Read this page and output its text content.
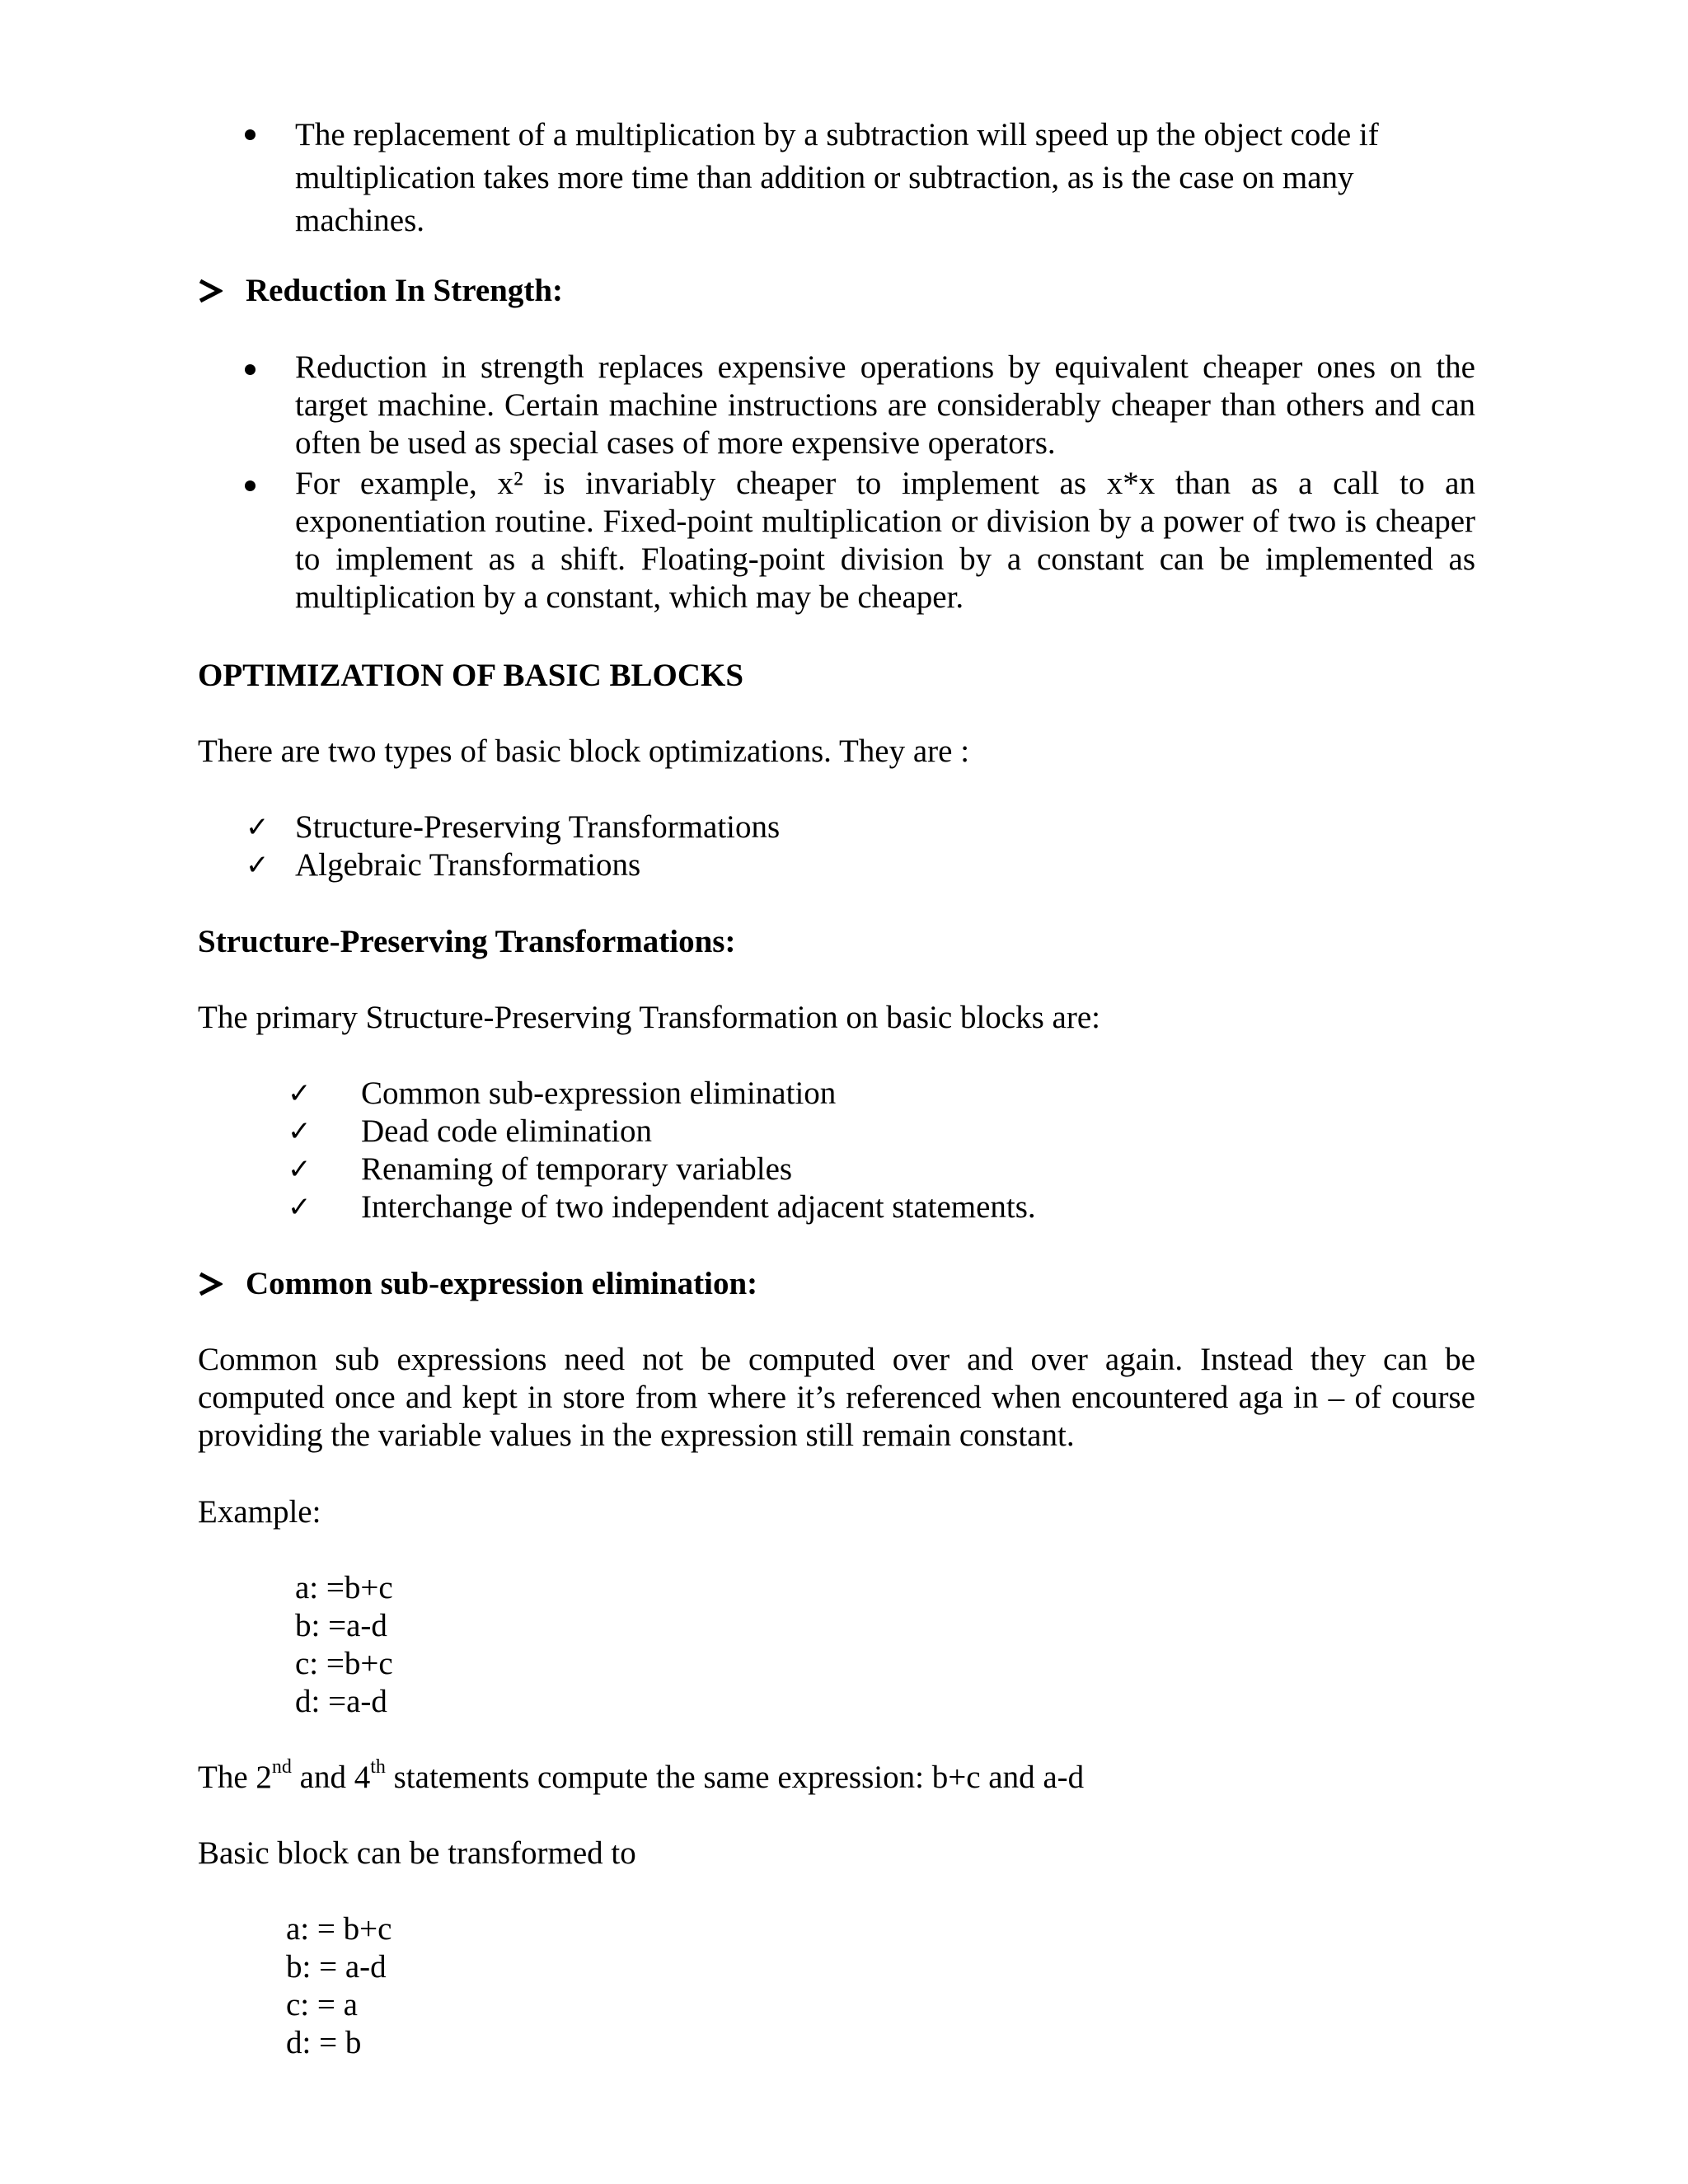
The replacement of a multiplication by a subtraction will speed up the object code if multiplication takes more time than addition or subtraction, as is the case on many machines.

Reduction In Strength:

Reduction in strength replaces expensive operations by equivalent cheaper ones on the target machine. Certain machine instructions are considerably cheaper than others and can often be used as special cases of more expensive operators.

For example, x² is invariably cheaper to implement as x*x than as a call to an exponentiation routine. Fixed-point multiplication or division by a power of two is cheaper to implement as a shift. Floating-point division by a constant can be implemented as multiplication by a constant, which may be cheaper.

OPTIMIZATION OF BASIC BLOCKS

There are two types of basic block optimizations. They are :

✓ Structure-Preserving Transformations

✓ Algebraic Transformations

Structure-Preserving Transformations:

The primary Structure-Preserving Transformation on basic blocks are:

✓ Common sub-expression elimination

✓ Dead code elimination

✓ Renaming of temporary variables

✓ Interchange of two independent adjacent statements.

Common sub-expression elimination:

Common sub expressions need not be computed over and over again. Instead they can be computed once and kept in store from where it’s referenced when encountered aga in – of course providing the variable values in the expression still remain constant.

Example:

a: =b+c

b: =a-d

c: =b+c

d: =a-d

The 2nd and 4th statements compute the same expression: b+c and a-d

Basic block can be transformed to

a: = b+c

b: = a-d

c: = a

d: = b
